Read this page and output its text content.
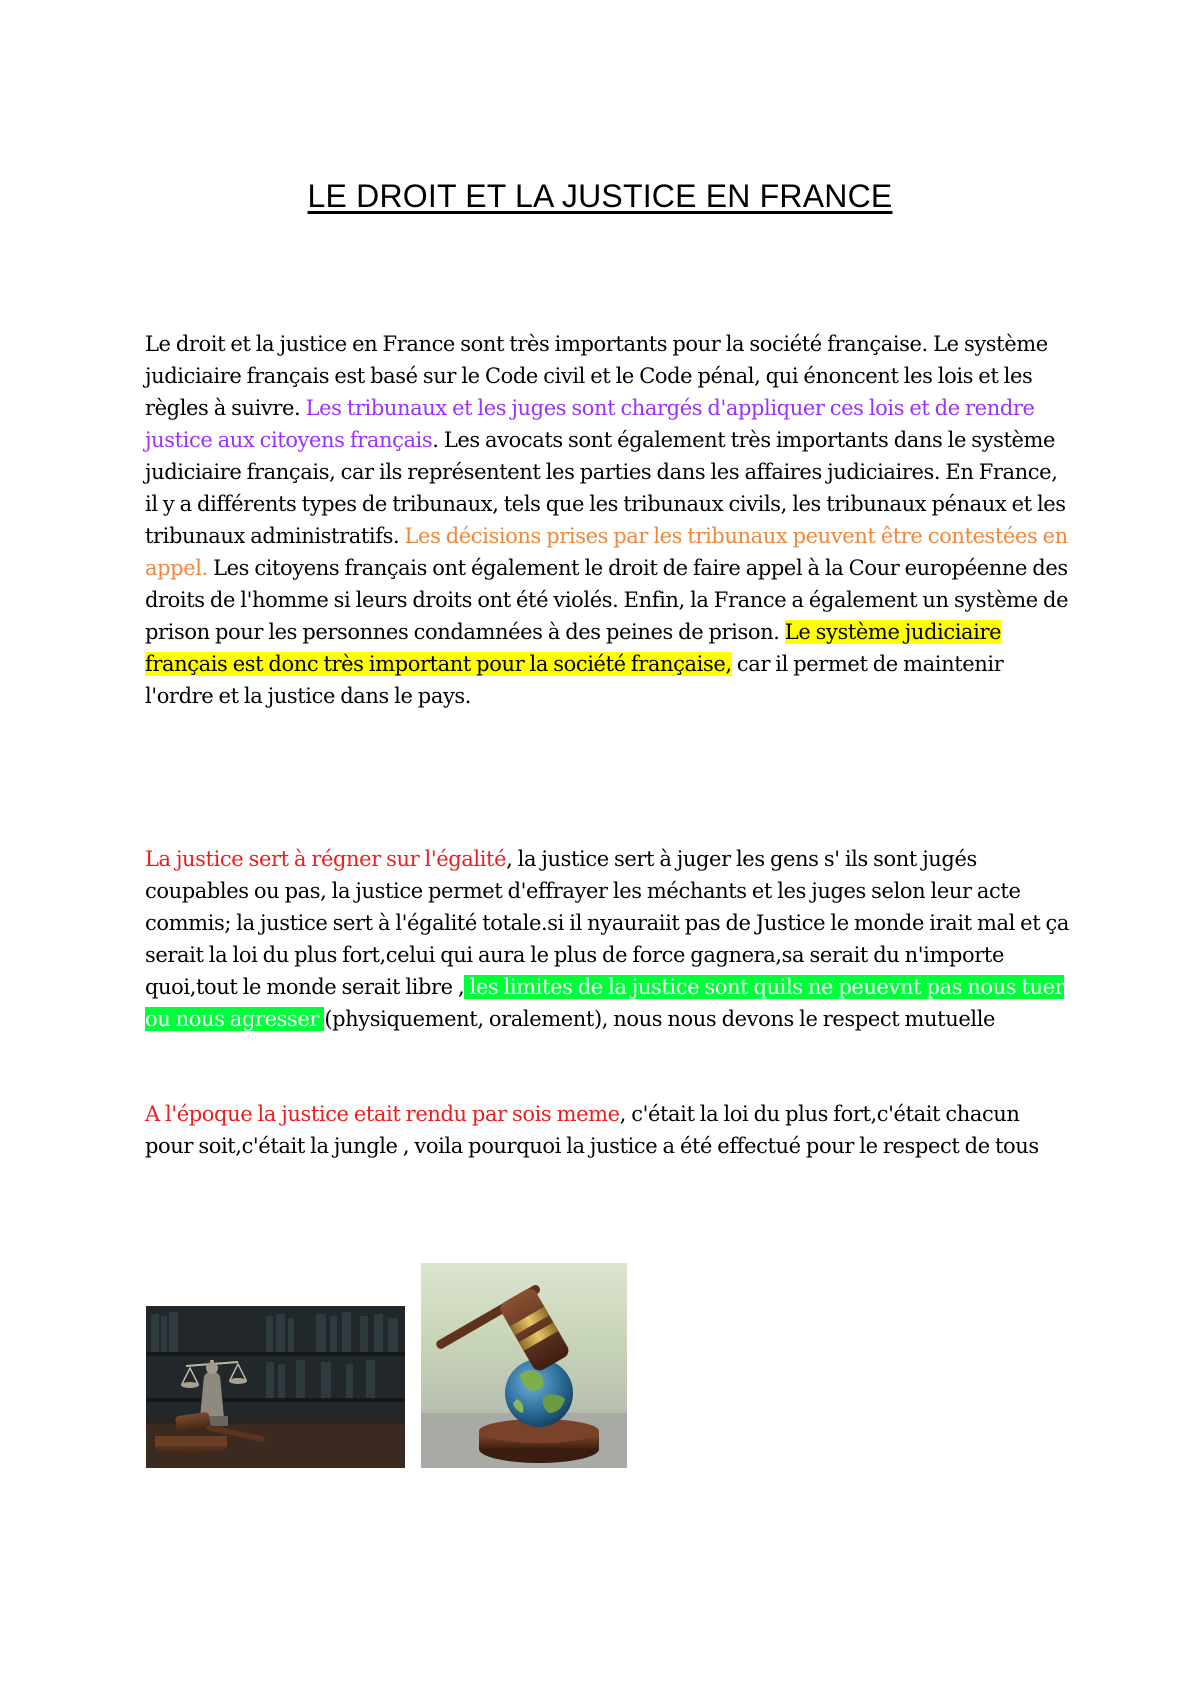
LE DROIT ET LA JUSTICE EN FRANCE

Le droit et la justice en France sont très importants pour la société française. Le système judiciaire français est basé sur le Code civil et le Code pénal, qui énoncent les lois et les règles à suivre. Les tribunaux et les juges sont chargés d'appliquer ces lois et de rendre justice aux citoyens français. Les avocats sont également très importants dans le système judiciaire français, car ils représentent les parties dans les affaires judiciaires. En France, il y a différents types de tribunaux, tels que les tribunaux civils, les tribunaux pénaux et les tribunaux administratifs. Les décisions prises par les tribunaux peuvent être contestées en appel. Les citoyens français ont également le droit de faire appel à la Cour européenne des droits de l'homme si leurs droits ont été violés. Enfin, la France a également un système de prison pour les personnes condamnées à des peines de prison. Le système judiciaire français est donc très important pour la société française, car il permet de maintenir l'ordre et la justice dans le pays.

La justice sert à régner sur l'égalité, la justice sert à juger les gens s' ils sont jugés coupables ou pas, la justice permet d'effrayer les méchants et les juges selon leur acte commis; la justice sert à l'égalité totale.si il nyauraiit pas de Justice le monde irait mal et ça serait la loi du plus fort,celui qui aura le plus de force gagnera,sa serait du n'importe quoi,tout le monde serait libre , les limites de la justice sont quils ne peuevnt pas nous tuer ou nous agresser (physiquement, oralement), nous nous devons le respect mutuelle

A l'époque la justice etait rendu par sois meme, c'était la loi du plus fort,c'était chacun pour soit,c'était la jungle , voila pourquoi la justice a été effectué pour le respect de tous
